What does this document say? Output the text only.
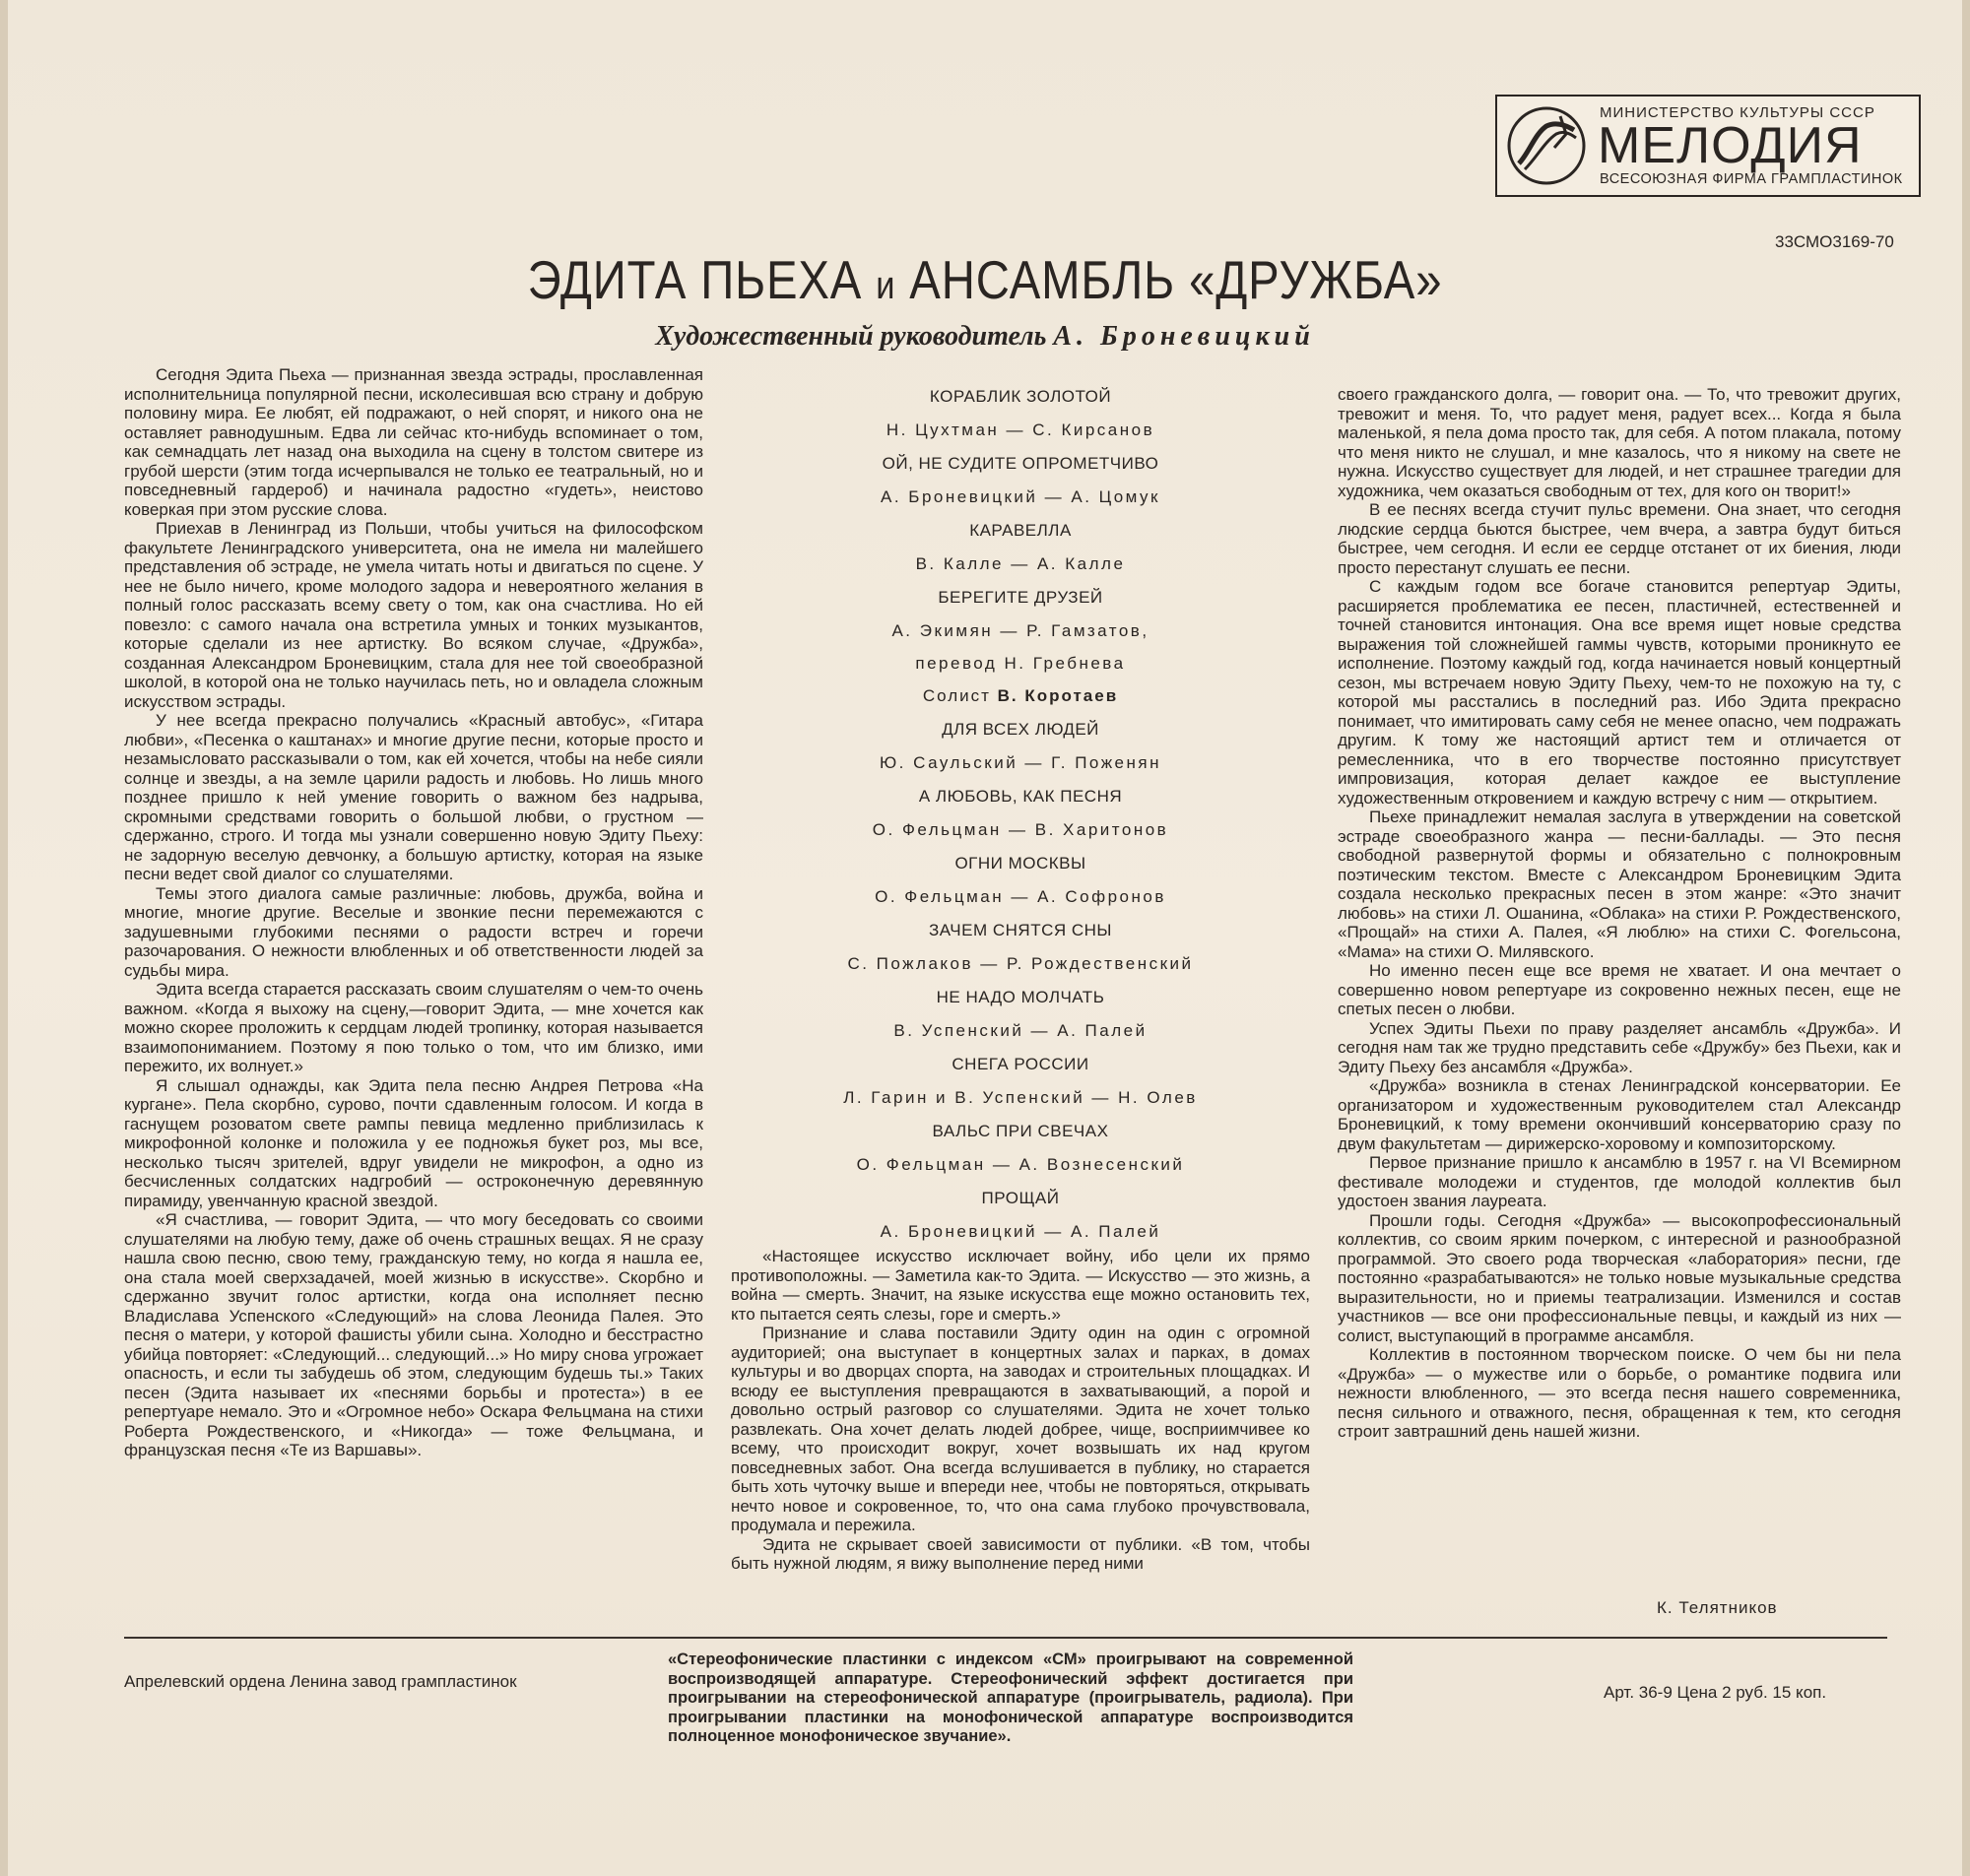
МИНИСТЕРСТВО КУЛЬТУРЫ СССР
МЕЛОДИЯ
ВСЕСОЮЗНАЯ ФИРМА ГРАМПЛАСТИНОК
33СМО3169-70
ЭДИТА ПЬЕХА и АНСАМБЛЬ «ДРУЖБА»
Художественный руководитель А. Броневицкий

Сегодня Эдита Пьеха — признанная звезда эстрады, прославленная исполнительница популярной песни, исколесившая всю страну и добрую половину мира. Ее любят, ей подражают, о ней спорят, и никого она не оставляет равнодушным. Едва ли сейчас кто-нибудь вспоминает о том, как семнадцать лет назад она выходила на сцену в толстом свитере из грубой шерсти (этим тогда исчерпывался не только ее театральный, но и повседневный гардероб) и начинала радостно «гудеть», неистово коверкая при этом русские слова.

Приехав в Ленинград из Польши, чтобы учиться на философском факультете Ленинградского университета, она не имела ни малейшего представления об эстраде, не умела читать ноты и двигаться по сцене. У нее не было ничего, кроме молодого задора и невероятного желания в полный голос рассказать всему свету о том, как она счастлива. Но ей повезло: с самого начала она встретила умных и тонких музыкантов, которые сделали из нее артистку. Во всяком случае, «Дружба», созданная Александром Броневицким, стала для нее той своеобразной школой, в которой она не только научилась петь, но и овладела сложным искусством эстрады.

У нее всегда прекрасно получались «Красный автобус», «Гитара любви», «Песенка о каштанах» и многие другие песни, которые просто и незамысловато рассказывали о том, как ей хочется, чтобы на небе сияли солнце и звезды, а на земле царили радость и любовь. Но лишь много позднее пришло к ней умение говорить о важном без надрыва, скромными средствами говорить о большой любви, о грустном — сдержанно, строго. И тогда мы узнали совершенно новую Эдиту Пьеху: не задорную веселую девчонку, а большую артистку, которая на языке песни ведет свой диалог со слушателями.

Темы этого диалога самые различные: любовь, дружба, война и многие, многие другие. Веселые и звонкие песни перемежаются с задушевными глубокими песнями о радости встреч и горечи разочарования. О нежности влюбленных и об ответственности людей за судьбы мира.

Эдита всегда старается рассказать своим слушателям о чем-то очень важном. «Когда я выхожу на сцену,—говорит Эдита, — мне хочется как можно скорее проложить к сердцам людей тропинку, которая называется взаимопониманием. Поэтому я пою только о том, что им близко, ими пережито, их волнует.»

Я слышал однажды, как Эдита пела песню Андрея Петрова «На кургане». Пела скорбно, сурово, почти сдавленным голосом. И когда в гаснущем розоватом свете рампы певица медленно приблизилась к микрофонной колонке и положила у ее подножья букет роз, мы все, несколько тысяч зрителей, вдруг увидели не микрофон, а одно из бесчисленных солдатских надгробий — остроконечную деревянную пирамиду, увенчанную красной звездой.

«Я счастлива, — говорит Эдита, — что могу беседовать со своими слушателями на любую тему, даже об очень страшных вещах. Я не сразу нашла свою песню, свою тему, гражданскую тему, но когда я нашла ее, она стала моей сверхзадачей, моей жизнью в искусстве». Скорбно и сдержанно звучит голос артистки, когда она исполняет песню Владислава Успенского «Следующий» на слова Леонида Палея. Это песня о матери, у которой фашисты убили сына. Холодно и бесстрастно убийца повторяет: «Следующий... следующий...» Но миру снова угрожает опасность, и если ты забудешь об этом, следующим будешь ты.» Таких песен (Эдита называет их «песнями борьбы и протеста») в ее репертуаре немало. Это и «Огромное небо» Оскара Фельцмана на стихи Роберта Рождественского, и «Никогда» — тоже Фельцмана, и французская песня «Те из Варшавы».

КОРАБЛИК ЗОЛОТОЙ
Н. Цухтман — С. Кирсанов
ОЙ, НЕ СУДИТЕ ОПРОМЕТЧИВО
А. Броневицкий — А. Цомук
КАРАВЕЛЛА
В. Калле — А. Калле
БЕРЕГИТЕ ДРУЗЕЙ
А. Экимян — Р. Гамзатов,
перевод Н. Гребнева
Солист В. Коротаев
ДЛЯ ВСЕХ ЛЮДЕЙ
Ю. Саульский — Г. Поженян
А ЛЮБОВЬ, КАК ПЕСНЯ
О. Фельцман — В. Харитонов
ОГНИ МОСКВЫ
О. Фельцман — А. Софронов
ЗАЧЕМ СНЯТСЯ СНЫ
С. Пожлаков — Р. Рождественский
НЕ НАДО МОЛЧАТЬ
В. Успенский — А. Палей
СНЕГА РОССИИ
Л. Гарин и В. Успенский — Н. Олев
ВАЛЬС ПРИ СВЕЧАХ
О. Фельцман — А. Вознесенский
ПРОЩАЙ
А. Броневицкий — А. Палей

«Настоящее искусство исключает войну, ибо цели их прямо противоположны. — Заметила как-то Эдита. — Искусство — это жизнь, а война — смерть. Значит, на языке искусства еще можно остановить тех, кто пытается сеять слезы, горе и смерть.»

Признание и слава поставили Эдиту один на один с огромной аудиторией; она выступает в концертных залах и парках, в домах культуры и во дворцах спорта, на заводах и строительных площадках. И всюду ее выступления превращаются в захватывающий, а порой и довольно острый разговор со слушателями. Эдита не хочет только развлекать. Она хочет делать людей добрее, чище, восприимчивее ко всему, что происходит вокруг, хочет возвышать их над кругом повседневных забот. Она всегда вслушивается в публику, но старается быть хоть чуточку выше и впереди нее, чтобы не повторяться, открывать нечто новое и сокровенное, то, что она сама глубоко прочувствовала, продумала и пережила.

Эдита не скрывает своей зависимости от публики. «В том, чтобы быть нужной людям, я вижу выполнение перед ними

своего гражданского долга, — говорит она. — То, что тревожит других, тревожит и меня. То, что радует меня, радует всех... Когда я была маленькой, я пела дома просто так, для себя. А потом плакала, потому что меня никто не слушал, и мне казалось, что я никому на свете не нужна. Искусство существует для людей, и нет страшнее трагедии для художника, чем оказаться свободным от тех, для кого он творит!»

В ее песнях всегда стучит пульс времени. Она знает, что сегодня людские сердца бьются быстрее, чем вчера, а завтра будут биться быстрее, чем сегодня. И если ее сердце отстанет от их биения, люди просто перестанут слушать ее песни.

С каждым годом все богаче становится репертуар Эдиты, расширяется проблематика ее песен, пластичней, естественней и точней становится интонация. Она все время ищет новые средства выражения той сложнейшей гаммы чувств, которыми проникнуто ее исполнение. Поэтому каждый год, когда начинается новый концертный сезон, мы встречаем новую Эдиту Пьеху, чем-то не похожую на ту, с которой мы расстались в последний раз. Ибо Эдита прекрасно понимает, что имитировать саму себя не менее опасно, чем подражать другим. К тому же настоящий артист тем и отличается от ремесленника, что в его творчестве постоянно присутствует импровизация, которая делает каждое ее выступление художественным откровением и каждую встречу с ним — открытием.

Пьехе принадлежит немалая заслуга в утверждении на советской эстраде своеобразного жанра — песни-баллады. — Это песня свободной развернутой формы и обязательно с полнокровным поэтическим текстом. Вместе с Александром Броневицким Эдита создала несколько прекрасных песен в этом жанре: «Это значит любовь» на стихи Л. Ошанина, «Облака» на стихи Р. Рождественского, «Прощай» на стихи А. Палея, «Я люблю» на стихи С. Фогельсона, «Мама» на стихи О. Милявского.

Но именно песен еще все время не хватает. И она мечтает о совершенно новом репертуаре из сокровенно нежных песен, еще не спетых песен о любви.

Успех Эдиты Пьехи по праву разделяет ансамбль «Дружба». И сегодня нам так же трудно представить себе «Дружбу» без Пьехи, как и Эдиту Пьеху без ансамбля «Дружба».

«Дружба» возникла в стенах Ленинградской консерватории. Ее организатором и художественным руководителем стал Александр Броневицкий, к тому времени окончивший консерваторию сразу по двум факультетам — дирижерско-хоровому и композиторскому.

Первое признание пришло к ансамблю в 1957 г. на VI Всемирном фестивале молодежи и студентов, где молодой коллектив был удостоен звания лауреата.

Прошли годы. Сегодня «Дружба» — высокопрофессиональный коллектив, со своим ярким почерком, с интересной и разнообразной программой. Это своего рода творческая «лаборатория» песни, где постоянно «разрабатываются» не только новые музыкальные средства выразительности, но и приемы театрализации. Изменился и состав участников — все они профессиональные певцы, и каждый из них — солист, выступающий в программе ансамбля.

Коллектив в постоянном творческом поиске. О чем бы ни пела «Дружба» — о мужестве или о борьбе, о романтике подвига или нежности влюбленного, — это всегда песня нашего современника, песня сильного и отважного, песня, обращенная к тем, кто сегодня строит завтрашний день нашей жизни.

К. Телятников
Апрелевский ордена Ленина завод грампластинок
«Стереофонические пластинки с индексом «СМ» проигрывают на современной воспроизводящей аппаратуре. Стереофонический эффект достигается при проигрывании на стереофонической аппаратуре (проигрыватель, радиола). При проигрывании пластинки на монофонической аппаратуре воспроизводится полноценное монофоническое звучание».
Арт. 36-9 Цена 2 руб. 15 коп.
